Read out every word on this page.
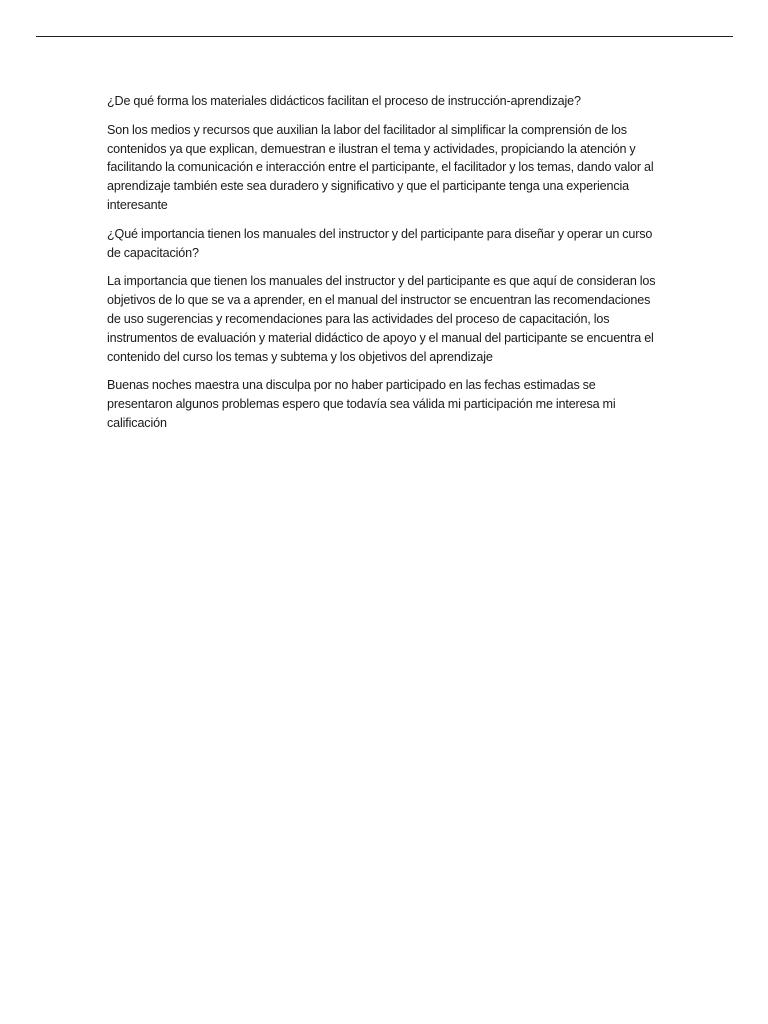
¿De qué forma los materiales didácticos facilitan el proceso de instrucción-aprendizaje?

Son los medios y recursos que auxilian la labor del facilitador al simplificar la comprensión de los contenidos ya que explican, demuestran e ilustran el tema y actividades, propiciando la atención y facilitando la comunicación e interacción entre el participante, el facilitador y los temas, dando valor al aprendizaje también este sea duradero y significativo y que el participante tenga una experiencia interesante

¿Qué importancia tienen los manuales del instructor y del participante para diseñar y operar un curso de capacitación?

La importancia que tienen los manuales del instructor y del participante es que aquí de consideran los objetivos de lo que se va a aprender, en el manual del instructor se encuentran las recomendaciones de uso sugerencias y recomendaciones para las actividades del proceso de capacitación, los instrumentos de evaluación y material didáctico de apoyo y el manual del participante se encuentra el contenido del curso los temas y subtema y los objetivos del aprendizaje

Buenas noches maestra una disculpa por no haber participado en las fechas estimadas se presentaron algunos problemas espero que todavía sea válida mi participación me interesa mi calificación
